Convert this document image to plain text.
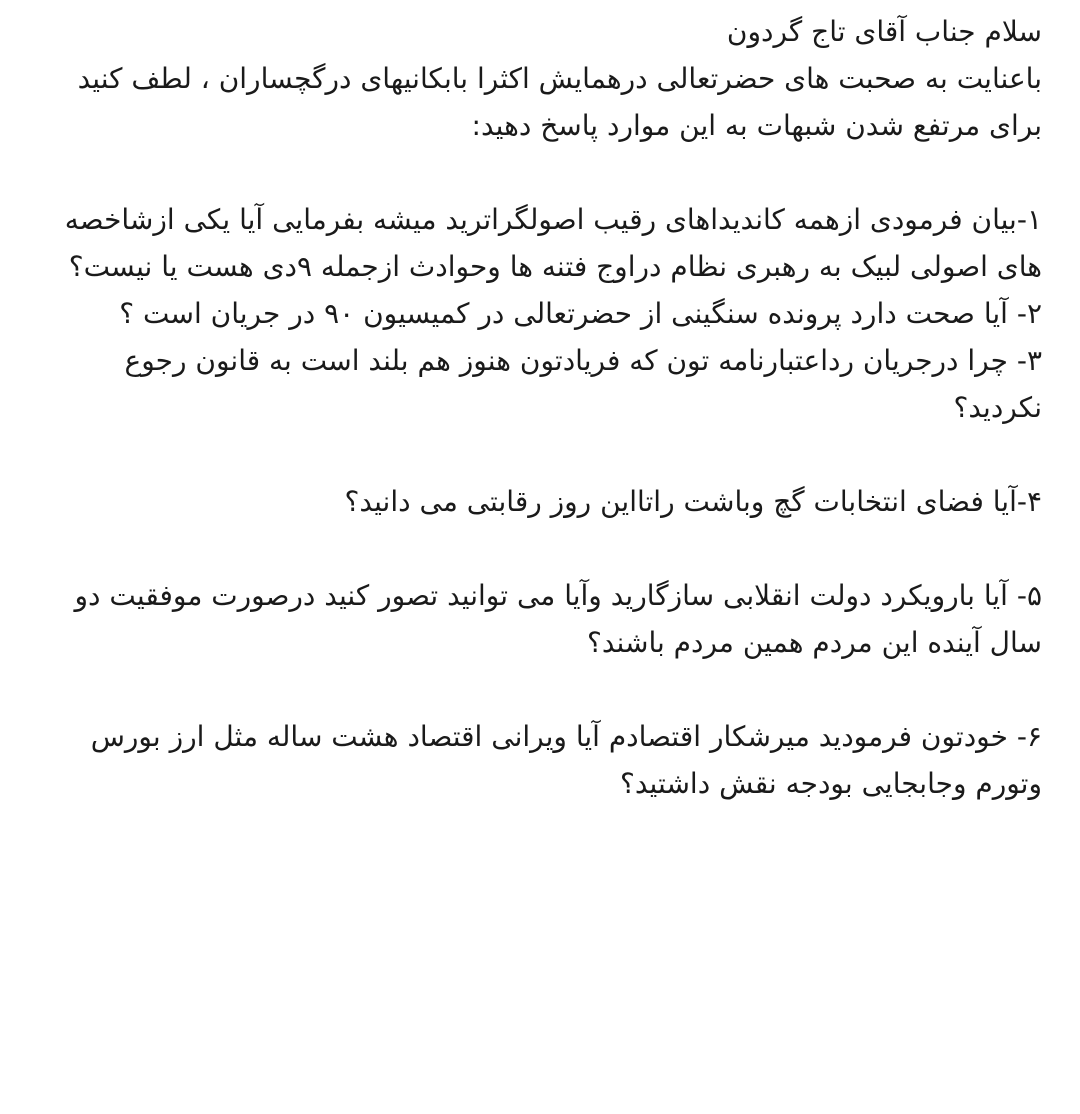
سلام جناب آقای تاج گردون

باعنایت به صحبت های حضرتعالی درهمایش اکثرا بابکانیهای درگچساران ، لطف کنید برای مرتفع شدن شبهات به این موارد پاسخ دهید:

۱-بیان فرمودی ازهمه کاندیداهای رقیب اصولگراترید میشه بفرمایی آیا یکی ازشاخصه های اصولی لبیک به رهبری نظام دراوج فتنه ها وحوادث ازجمله ۹دی هست یا نیست؟

۲- آیا صحت دارد پرونده سنگینی از حضرتعالی در کمیسیون ۹۰ در جریان است ؟

۳- چرا درجریان رداعتبارنامه تون که فریادتون هنوز هم بلند است به قانون رجوع نکردید؟

۴-آیا فضای انتخابات گچ وباشت راتااین روز رقابتی می دانید؟

۵- آیا بارویکرد دولت انقلابی سازگارید وآیا می توانید تصور کنید درصورت موفقیت دو سال آینده این مردم همین مردم باشند؟

۶- خودتون فرمودید میرشکار اقتصادم آیا ویرانی اقتصاد هشت ساله مثل ارز بورس وتورم وجابجایی بودجه نقش داشتید؟
